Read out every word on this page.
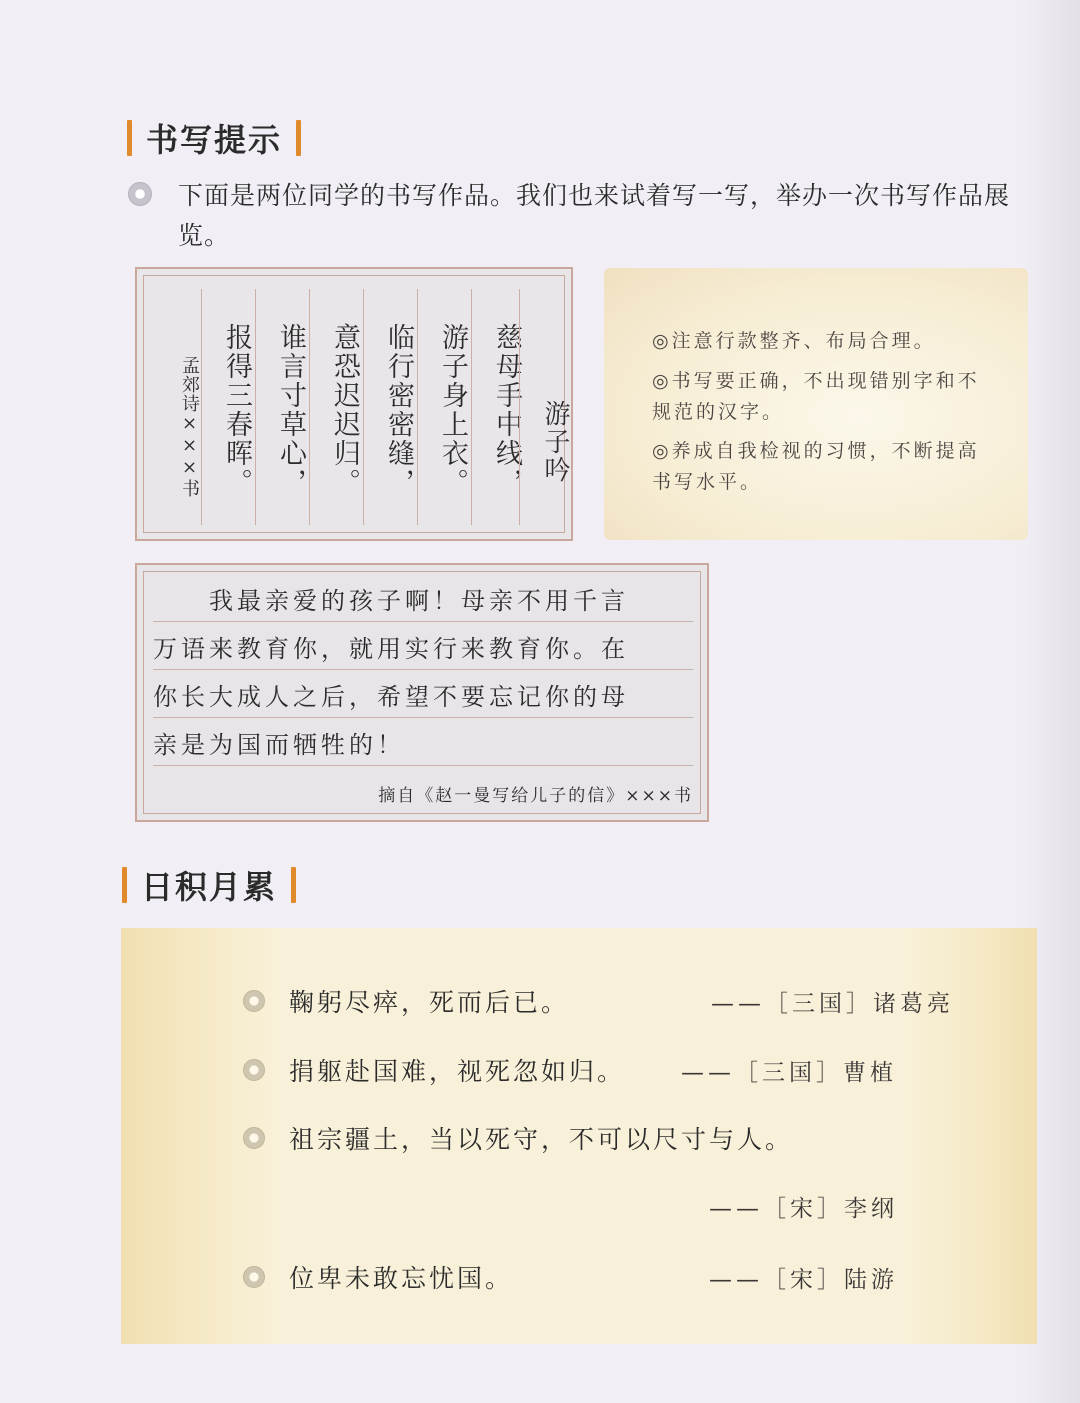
书写提示
下面是两位同学的书写作品。我们也来试着写一写，举办一次书写作品展览。
孟郊诗×××书 报得三春晖。 谁言寸草心， 意恐迟迟归。 临行密密缝， 游子身上衣。 慈母手中线， 游子吟
◎注意行款整齐、布局合理。
◎书写要正确，不出现错别字和不规范的汉字。
◎养成自我检视的习惯，不断提高书写水平。
我最亲爱的孩子啊！母亲不用千言
万语来教育你，就用实行来教育你。在
你长大成人之后，希望不要忘记你的母
亲是为国而牺牲的！
摘自《赵一曼写给儿子的信》×××书
日积月累
鞠躬尽瘁，死而后已。	——［三国］诸葛亮
捐躯赴国难，视死忽如归。 ——［三国］曹植
祖宗疆土，当以死守，不可以尺寸与人。
——［宋］李纲
位卑未敢忘忧国。	——［宋］陆游
